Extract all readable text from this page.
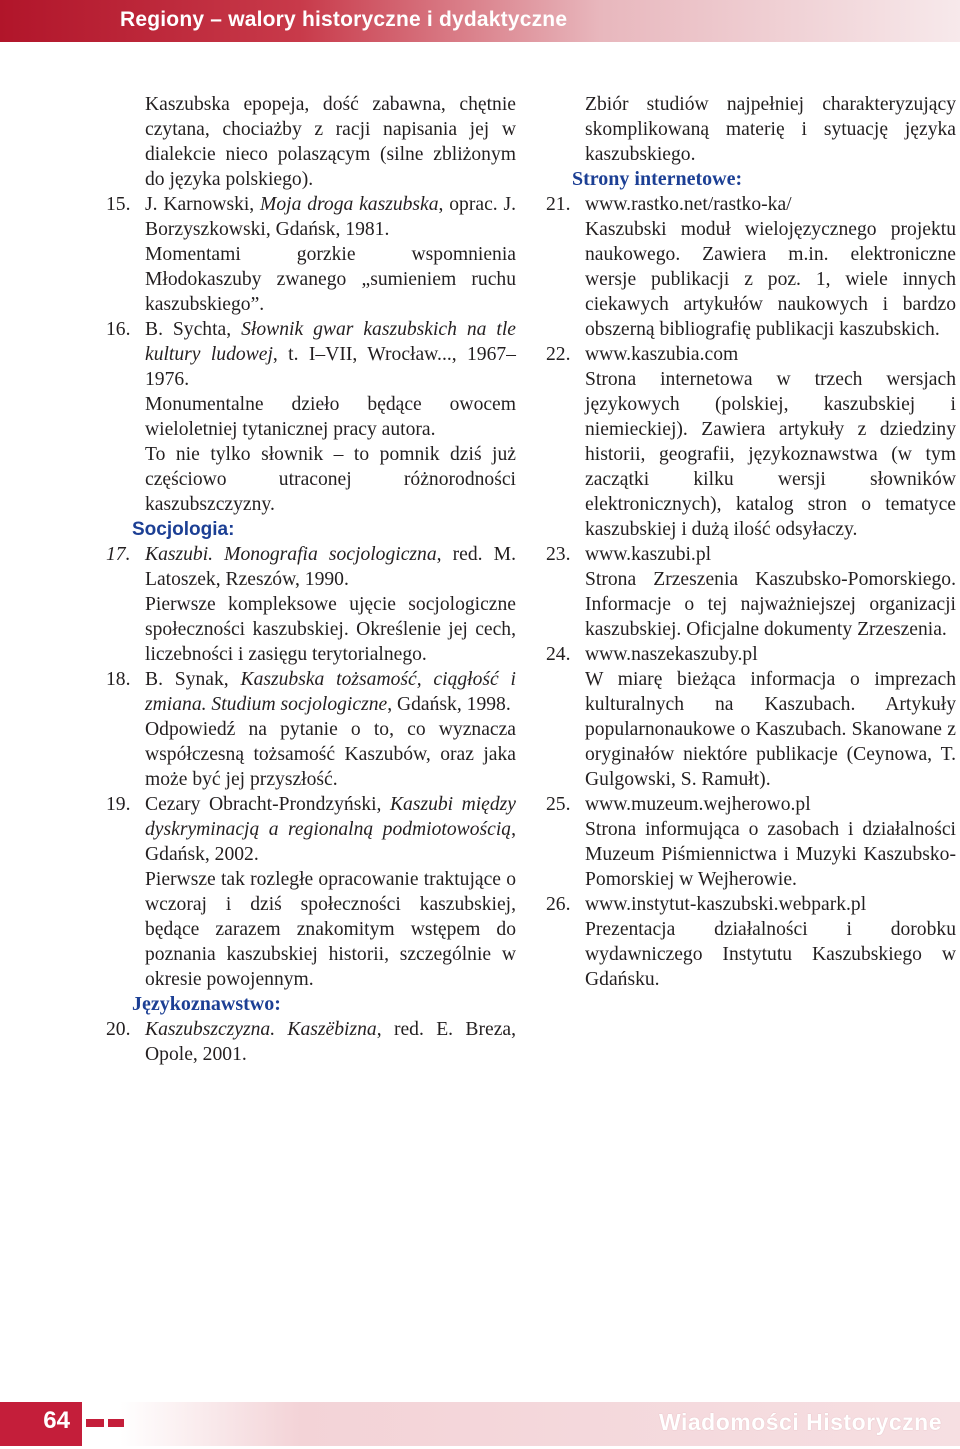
Regiony – walory historyczne i dydaktyczne
Kaszubska epopeja, dość zabawna, chętnie czytana, chociażby z racji napisania jej w dialekcie nieco polaszącym (silne zbliżonym do języka polskiego).
15. J. Karnowski, Moja droga kaszubska, oprac. J. Borzyszkowski, Gdańsk, 1981.
Momentami gorzkie wspomnienia Młodokaszuby zwanego „sumieniem ruchu kaszubskiego”.
16. B. Sychta, Słownik gwar kaszubskich na tle kultury ludowej, t. I–VII, Wrocław..., 1967–1976.
Monumentalne dzieło będące owocem wieloletniej tytanicznej pracy autora.
To nie tylko słownik – to pomnik dziś już częściowo utraconej różnorodności kaszubszczyzny.
Socjologia:
17. Kaszubi. Monografia socjologiczna, red. M. Latoszek, Rzeszów, 1990.
Pierwsze kompleksowe ujęcie socjologiczne społeczności kaszubskiej. Określenie jej cech, liczebności i zasięgu terytorialnego.
18. B. Synak, Kaszubska tożsamość, ciągłość i zmiana. Studium socjologiczne, Gdańsk, 1998.
Odpowiedź na pytanie o to, co wyznacza współczesną tożsamość Kaszubów, oraz jaka może być jej przyszłość.
19. Cezary Obracht-Prondzyński, Kaszubi między dyskryminacją a regionalną podmiotowością, Gdańsk, 2002.
Pierwsze tak rozległe opracowanie traktujące o wczoraj i dziś społeczności kaszubskiej, będące zarazem znakomitym wstępem do poznania kaszubskiej historii, szczególnie w okresie powojennym.
Językoznawstwo:
20. Kaszubszczyzna. Kaszëbizna, red. E. Breza, Opole, 2001.
Zbiór studiów najpełniej charakteryzujący skomplikowaną materię i sytuację języka kaszubskiego.
Strony internetowe:
21. www.rastko.net/rastko-ka/
Kaszubski moduł wielojęzycznego projektu naukowego. Zawiera m.in. elektroniczne wersje publikacji z poz. 1, wiele innych ciekawych artykułów naukowych i bardzo obszerną bibliografię publikacji kaszubskich.
22. www.kaszubia.com
Strona internetowa w trzech wersjach językowych (polskiej, kaszubskiej i niemieckiej). Zawiera artykuły z dziedziny historii, geografii, językoznawstwa (w tym zaczątki kilku wersji słowników elektronicznych), katalog stron o tematyce kaszubskiej i dużą ilość odsyłaczy.
23. www.kaszubi.pl
Strona Zrzeszenia Kaszubsko-Pomorskiego. Informacje o tej najważniejszej organizacji kaszubskiej. Oficjalne dokumenty Zrzeszenia.
24. www.naszekaszuby.pl
W miarę bieżąca informacja o imprezach kulturalnych na Kaszubach. Artykuły popularnonaukowe o Kaszubach. Skanowane z oryginałów niektóre publikacje (Ceynowa, T. Gulgowski, S. Ramułt).
25. www.muzeum.wejherowo.pl
Strona informująca o zasobach i działalności Muzeum Piśmiennictwa i Muzyki Kaszubsko-Pomorskiej w Wejherowie.
26. www.instytut-kaszubski.webpark.pl
Prezentacja działalności i dorobku wydawniczego Instytutu Kaszubskiego w Gdańsku.
64	Wiadomości Historyczne
